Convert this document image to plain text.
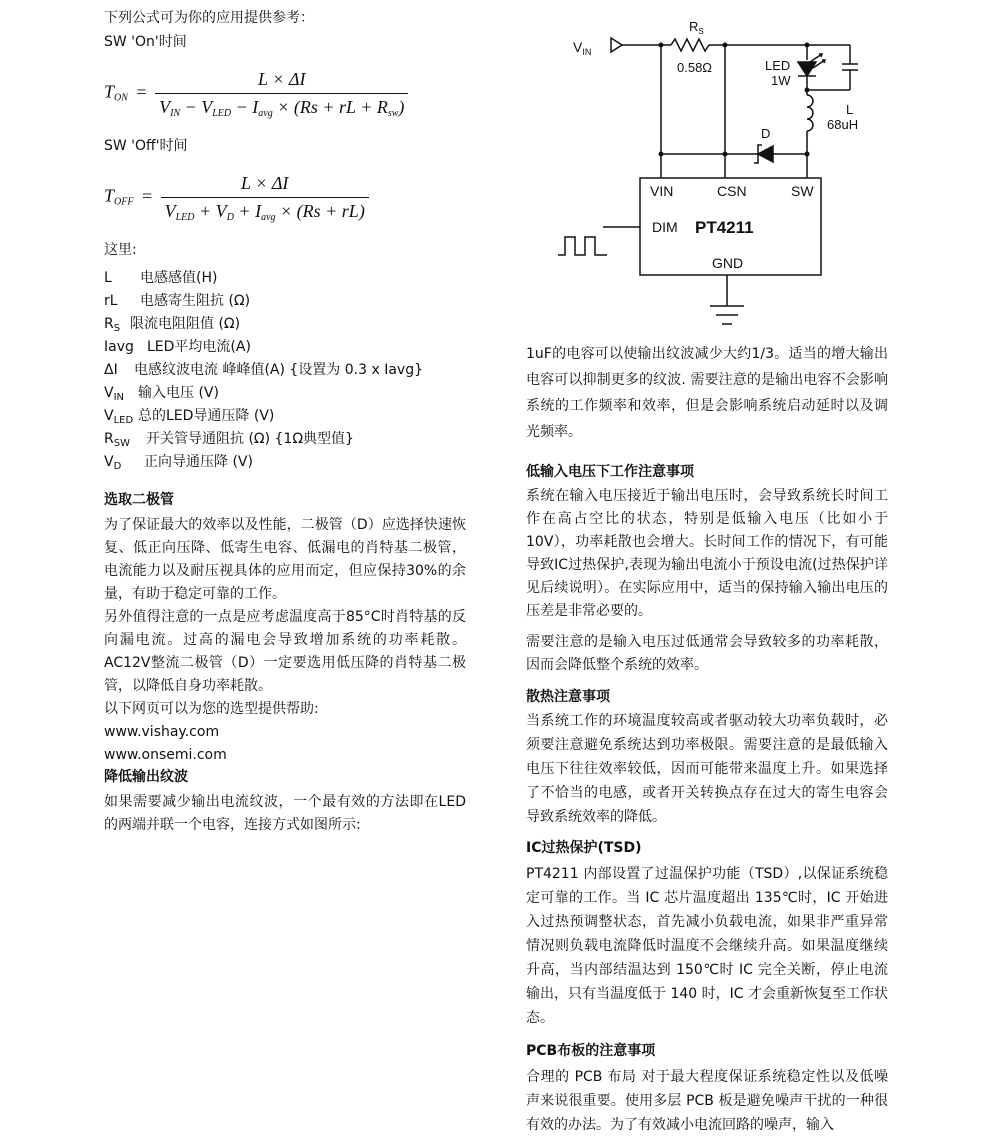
下列公式可为你的应用提供参考：
SW 'On'时间
$T_{ON} = \frac{L \times \Delta I}{V_{IN} - V_{LED} - I_{avg} \times (Rs + rL + R_{sw})}$
SW 'Off'时间
$T_{OFF} = \frac{L \times \Delta I}{V_{LED} + V_D + I_{avg} \times (Rs + rL)}$
这里:
L 电感感值(H)
rL 电感寄生阻抗 (Ω)
$R_S$ 限流电阻阻值 (Ω)
Iavg LED平均电流(A)
ΔI 电感纹波电流 峰峰值(A) {设置为 0.3 x Iavg}
$V_{IN}$ 输入电压 (V)
$V_{LED}$ 总的LED导通压降 (V)
$R_{SW}$ 开关管导通阻抗 (Ω) {1Ω典型值}
$V_D$ 正向导通压降 (V)

选取二极管

为了保证最大的效率以及性能，二极管（D）应选择快速恢复、低正向压降、低寄生电容、低漏电的肖特基二极管，电流能力以及耐压视具体的应用而定，但应保持30%的余量，有助于稳定可靠的工作。

另外值得注意的一点是应考虑温度高于85°C时肖特基的反向漏电流。过高的漏电会导致增加系统的功率耗散。AC12V整流二极管（D）一定要选用低压降的肖特基二极管，以降低自身功率耗散。

以下网页可以为您的选型提供帮助:

www.vishay.com
www.onsemi.com

降低输出纹波

如果需要减少输出电流纹波，一个最有效的方法即在LED的两端并联一个电容，连接方式如图所示:

$V_{IN}$
$R_S$
0.58Ω	LED
1W
L
68uH
D
VIN	CSN	SW
DIM PT4211
GND

1uF的电容可以使输出纹波减少大约1/3。适当的增大输出电容可以抑制更多的纹波. 需要注意的是输出电容不会影响系统的工作频率和效率，但是会影响系统启动延时以及调光频率。

低输入电压下工作注意事项

系统在输入电压接近于输出电压时，会导致系统长时间工作在高占空比的状态，特别是低输入电压（比如小于10V），功率耗散也会增大。长时间工作的情况下，有可能导致IC过热保护,表现为输出电流小于预设电流(过热保护详见后续说明）。在实际应用中，适当的保持输入输出电压的压差是非常必要的。

需要注意的是输入电压过低通常会导致较多的功率耗散，因而会降低整个系统的效率。

散热注意事项

当系统工作的环境温度较高或者驱动较大功率负载时，必须要注意避免系统达到功率极限。需要注意的是最低输入电压下往往效率较低，因而可能带来温度上升。如果选择了不恰当的电感，或者开关转换点存在过大的寄生电容会导致系统效率的降低。

IC过热保护(TSD)

PT4211 内部设置了过温保护功能（TSD）,以保证系统稳定可靠的工作。当 IC 芯片温度超出 135℃时，IC 开始进入过热预调整状态，首先减小负载电流，如果非严重异常情况则负载电流降低时温度不会继续升高。如果温度继续升高，当内部结温达到 150℃时 IC 完全关断，停止电流输出，只有当温度低于 140 时，IC 才会重新恢复至工作状态。

PCB布板的注意事项

合理的 PCB 布局 对于最大程度保证系统稳定性以及低噪声来说很重要。使用多层 PCB 板是避免噪声干扰的一种很有效的办法。为了有效减小电流回路的噪声，输入
